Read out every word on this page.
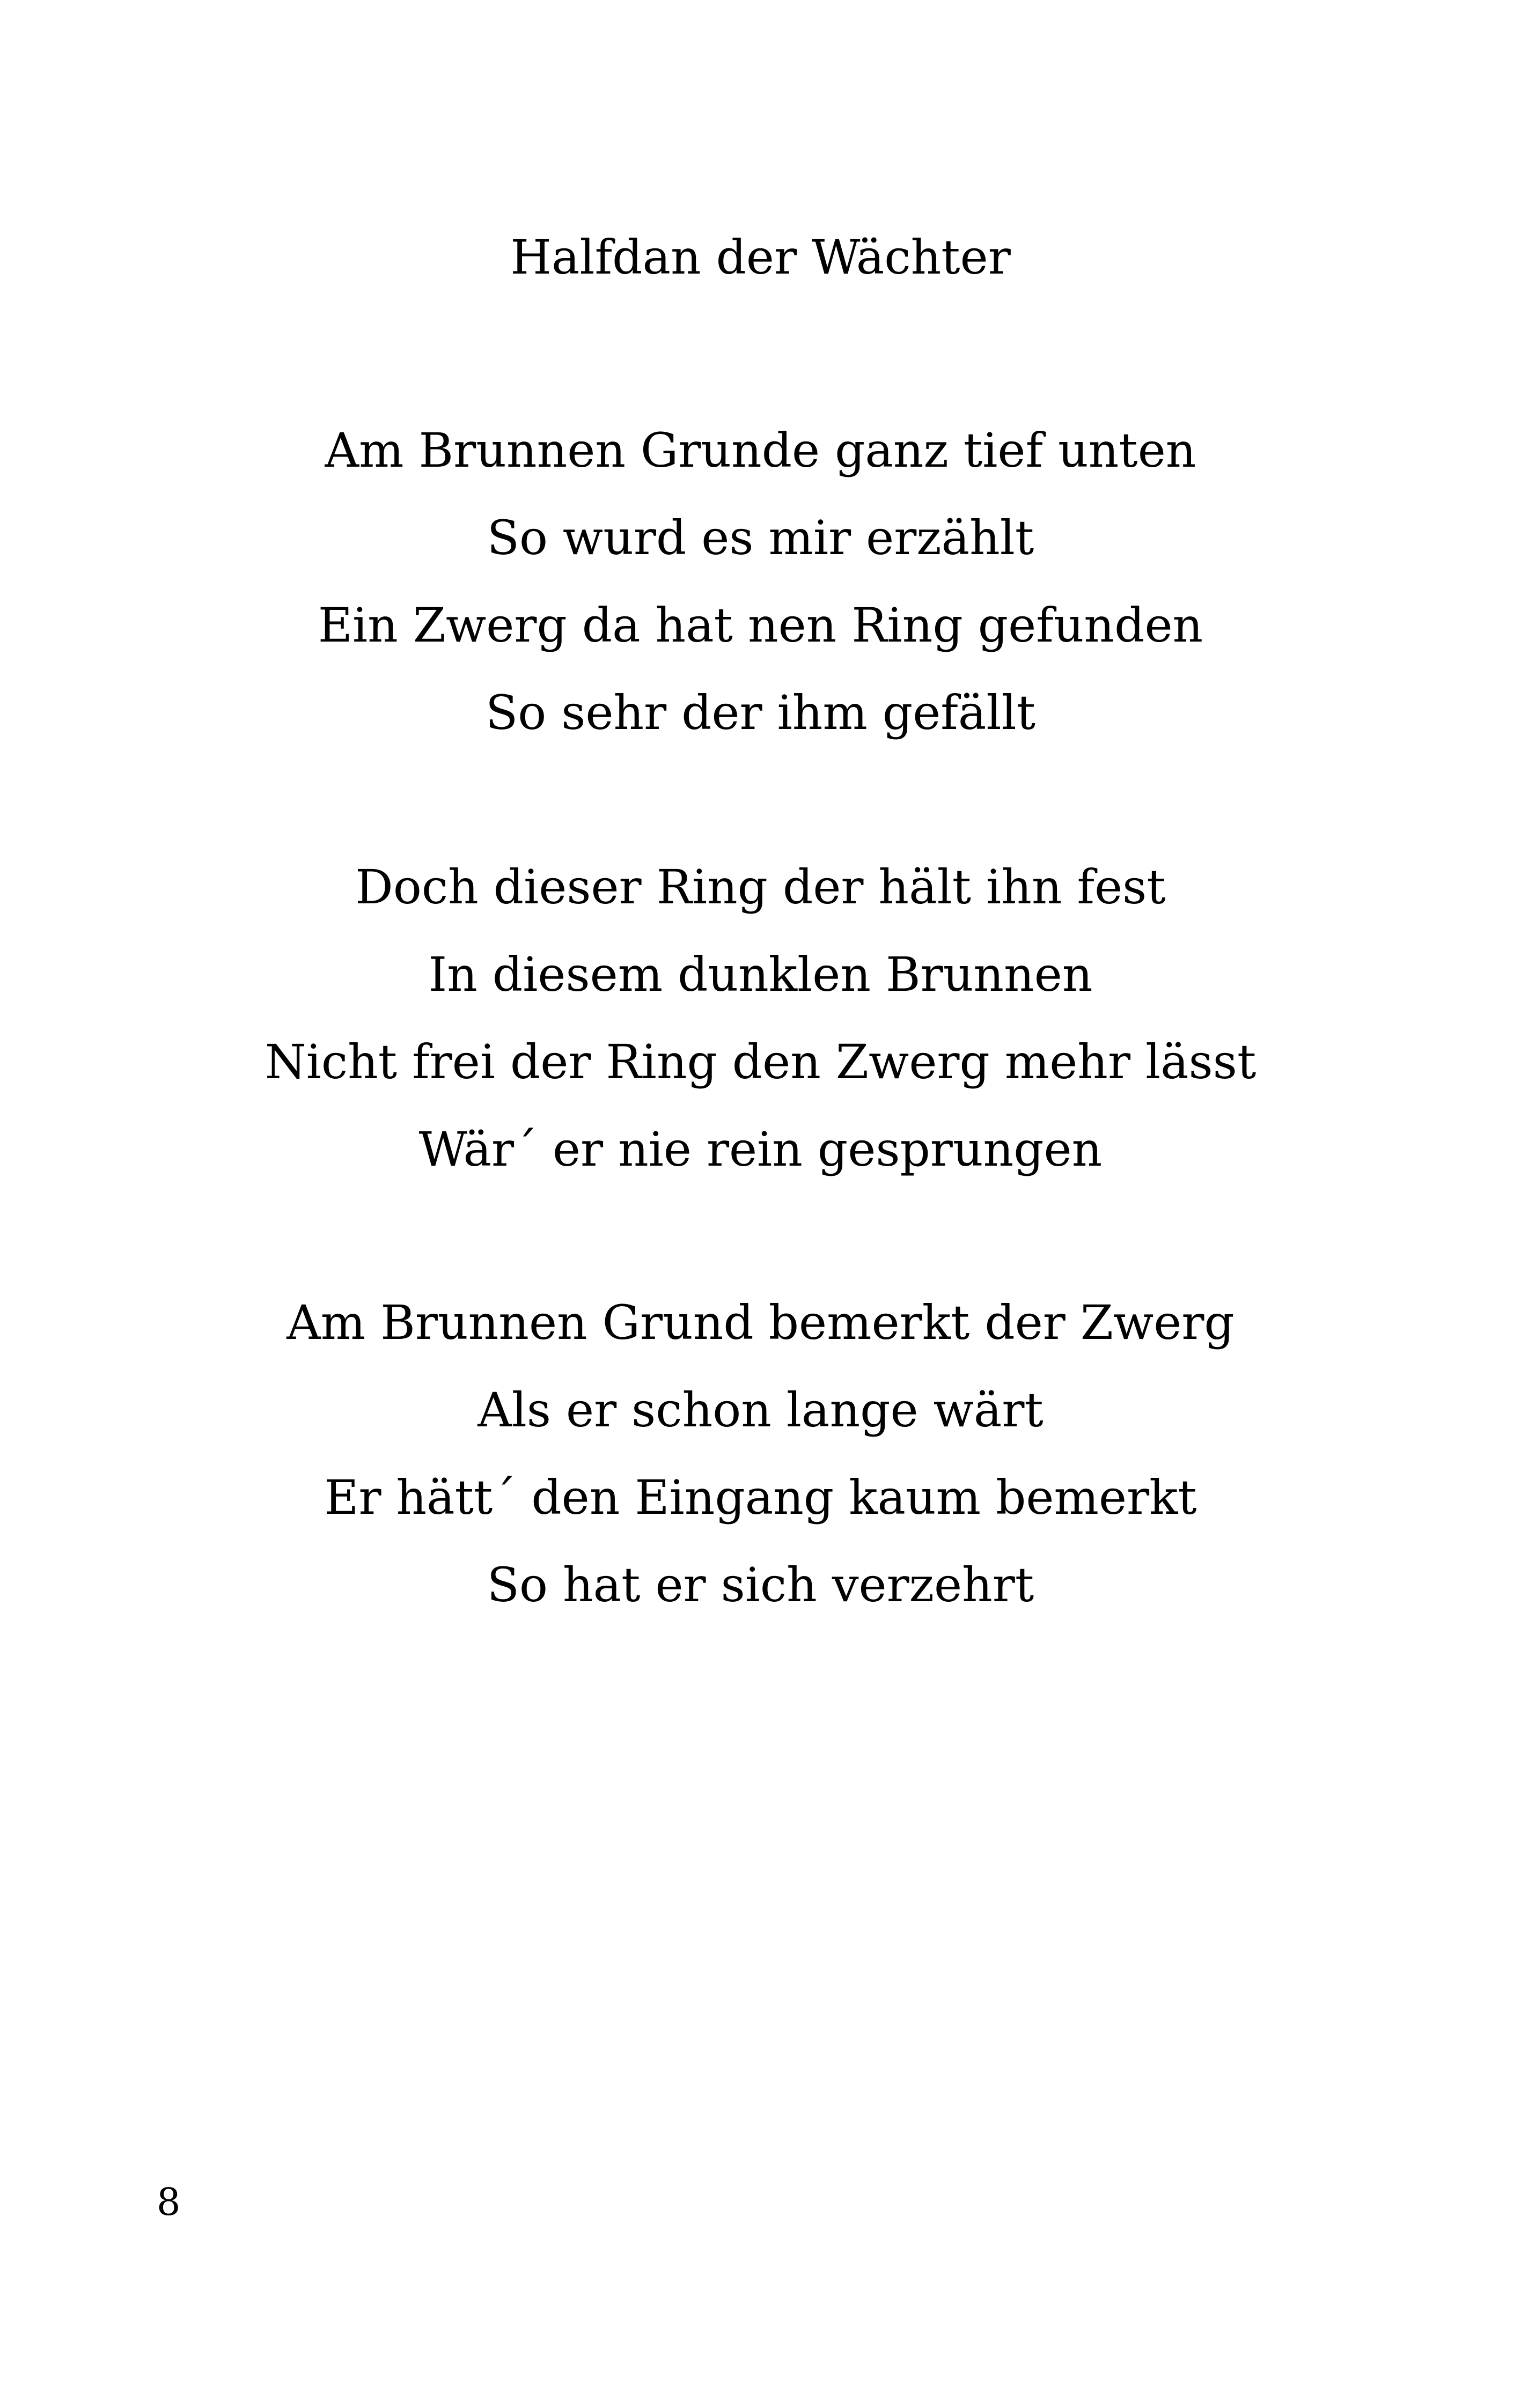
Halfdan der Wächter
Am Brunnen Grunde ganz tief unten
So wurd es mir erzählt
Ein Zwerg da hat nen Ring gefunden
So sehr der ihm gefällt
Doch dieser Ring der hält ihn fest
In diesem dunklen Brunnen
Nicht frei der Ring den Zwerg mehr lässt
Wär´ er nie rein gesprungen
Am Brunnen Grund bemerkt der Zwerg
Als er schon lange wärt
Er hätt´ den Eingang kaum bemerkt
So hat er sich verzehrt
8
